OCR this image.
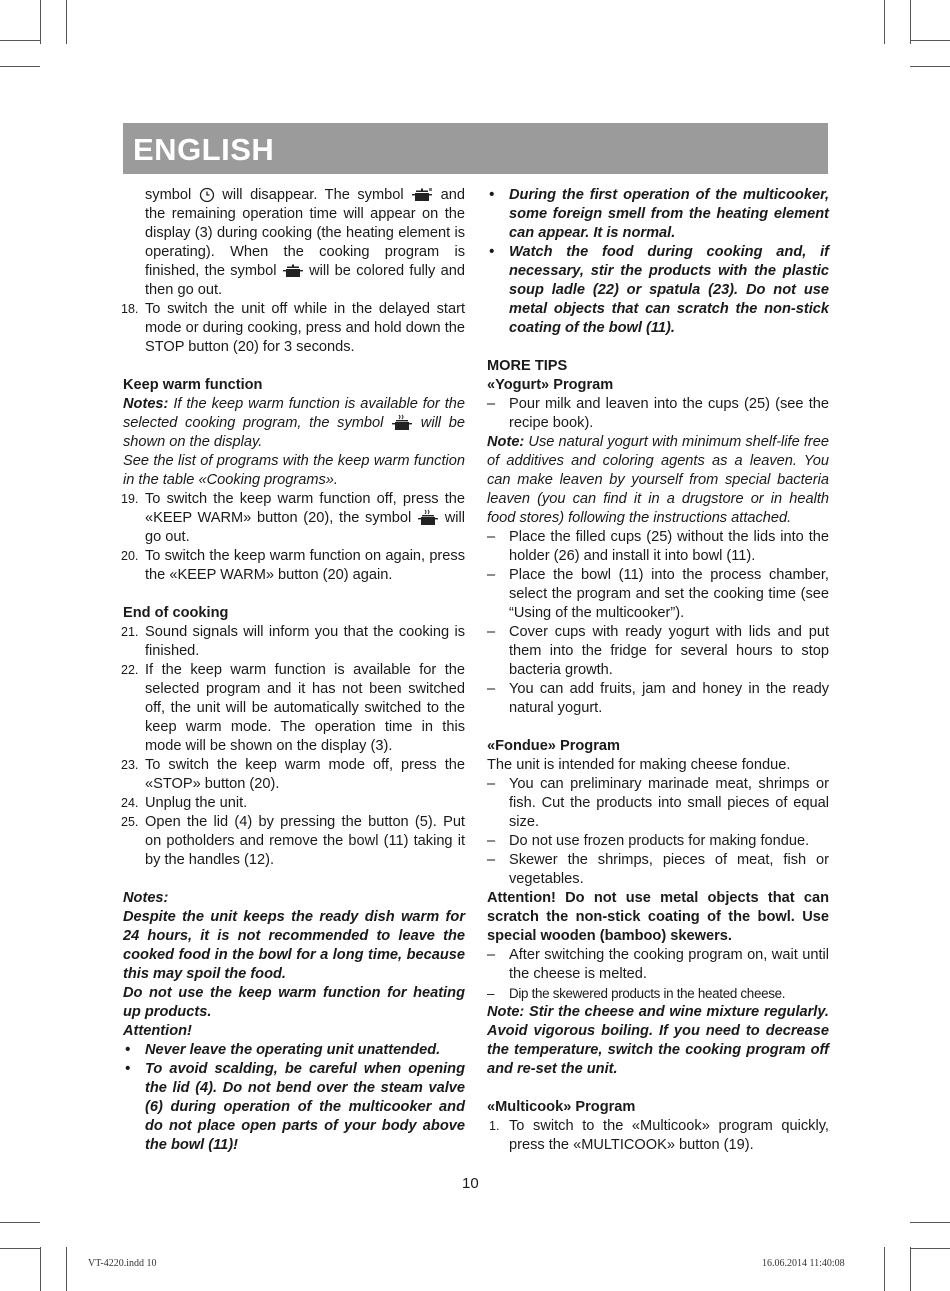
ENGLISH

symbol  will disappear. The symbol  and the remaining operation time will appear on the display (3) during cooking (the heating element is operating). When the cooking program is finished, the symbol  will be colored fully and then go out.

18. To switch the unit off while in the delayed start mode or during cooking, press and hold down the STOP button (20) for 3 seconds.
Keep warm function

Notes: If the keep warm function is available for the selected cooking program, the symbol  will be shown on the display.

See the list of programs with the keep warm function in the table «Cooking programs».

19. To switch the keep warm function off, press the «KEEP WARM» button (20), the symbol  will go out.
20. To switch the keep warm function on again, press the «KEEP WARM» button (20) again.
End of cooking
21. Sound signals will inform you that the cooking is finished.
22. If the keep warm function is available for the selected program and it has not been switched off, the unit will be automatically switched to the keep warm mode. The operation time in this mode will be shown on the display (3).
23. To switch the keep warm mode off, press the «STOP» button (20).
24. Unplug the unit.
25. Open the lid (4) by pressing the button (5). Put on potholders and remove the bowl (11) taking it by the handles (12).
Notes:

Despite the unit keeps the ready dish warm for 24 hours, it is not recommended to leave the cooked food in the bowl for a long time, because this may spoil the food.

Do not use the keep warm function for heating up products.

Attention!
• Never leave the operating unit unattended.
• To avoid scalding, be careful when opening the lid (4). Do not bend over the steam valve (6) during operation of the multicooker and do not place open parts of your body above the bowl (11)!
• During the first operation of the multicooker, some foreign smell from the heating element can appear. It is normal.
• Watch the food during cooking and, if necessary, stir the products with the plastic soup ladle (22) or spatula (23). Do not use metal objects that can scratch the non-stick coating of the bowl (11).
MORE TIPS
«Yogurt» Program
– Pour milk and leaven into the cups (25) (see the recipe book).

Note: Use natural yogurt with minimum shelf-life free of additives and coloring agents as a leaven. You can make leaven by yourself from special bacteria leaven (you can find it in a drugstore or in health food stores) following the instructions attached.

– Place the filled cups (25) without the lids into the holder (26) and install it into bowl (11).
– Place the bowl (11) into the process chamber, select the program and set the cooking time (see “Using of the multicooker”).
– Cover cups with ready yogurt with lids and put them into the fridge for several hours to stop bacteria growth.
– You can add fruits, jam and honey in the ready natural yogurt.
«Fondue» Program

The unit is intended for making cheese fondue.

– You can preliminary marinade meat, shrimps or fish. Cut the products into small pieces of equal size.
– Do not use frozen products for making fondue.
– Skewer the shrimps, pieces of meat, fish or vegetables.

Attention! Do not use metal objects that can scratch the non-stick coating of the bowl. Use special wooden (bamboo) skewers.

– After switching the cooking program on, wait until the cheese is melted.
– Dip the skewered products in the heated cheese.

Note: Stir the cheese and wine mixture regularly. Avoid vigorous boiling. If you need to decrease the temperature, switch the cooking program off and re-set the unit.

«Multicook» Program
1. To switch to the «Multicook» program quickly, press the «MULTICOOK» button (19).
10
VT-4220.indd 10	16.06.2014 11:40:08
